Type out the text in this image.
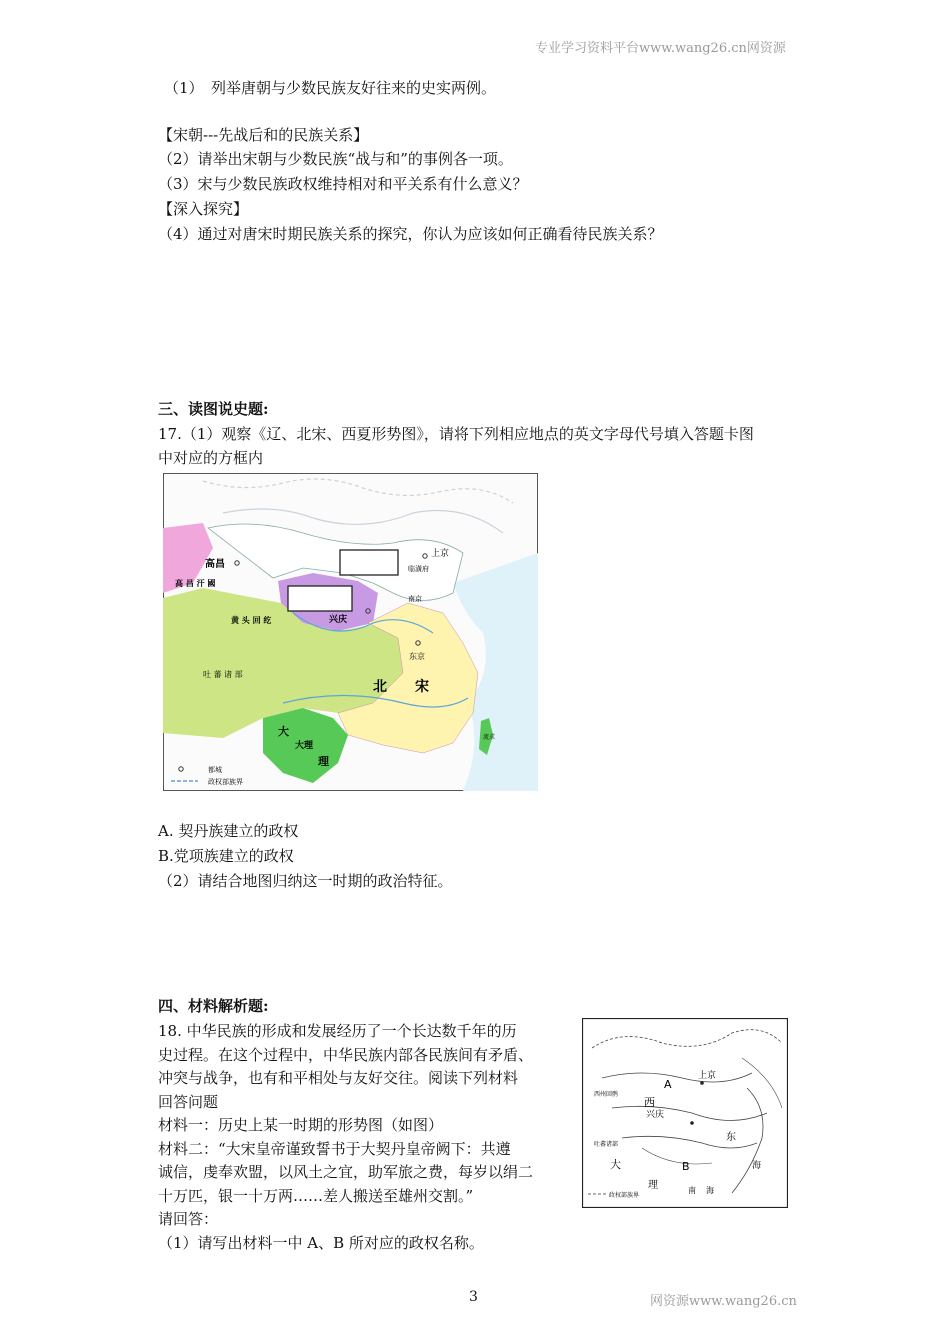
专业学习资料平台www.wang26.cn网资源
（1）　列举唐朝与少数民族友好往来的史实两例。
【宋朝---先战后和的民族关系】
（2）请举出宋朝与少数民族“战与和”的事例各一项。
（3）宋与少数民族政权维持相对和平关系有什么意义？
【深入探究】
（4）通过对唐宋时期民族关系的探究，你认为应该如何正确看待民族关系？
三、读图说史题:
17.（1）观察《辽、北宋、西夏形势图》，请将下列相应地点的英文字母代号填入答题卡图
中对应的方框内
高昌
高 昌 汗 國
上京
临潢府
南京
兴庆
黄 头 回 纥
东京
吐 蕃 诸 部
北　　宋
大
大理
理
流求
都城
政权部族界
A. 契丹族建立的政权
B.党项族建立的政权
（2）请结合地图归纳这一时期的政治特征。
四、材料解析题:
18. 中华民族的形成和发展经历了一个长达数千年的历
史过程。在这个过程中，中华民族内部各民族间有矛盾、
冲突与战争，也有和平相处与友好交往。阅读下列材料
回答问题
材料一：历史上某一时期的形势图（如图）
材料二：“大宋皇帝谨致誓书于大契丹皇帝阙下：共遵
诚信，虔奉欢盟，以风土之宜，助军旅之费，每岁以绢二
十万匹，银一十万两……差人搬送至雄州交割。”
请回答：
（1）请写出材料一中 A、B 所对应的政权名称。
A
B
上京
西州回鹘
西
兴庆
东
大
理	南 海
海
吐蕃诸部
政权部族界
3	网资源www.wang26.cn
